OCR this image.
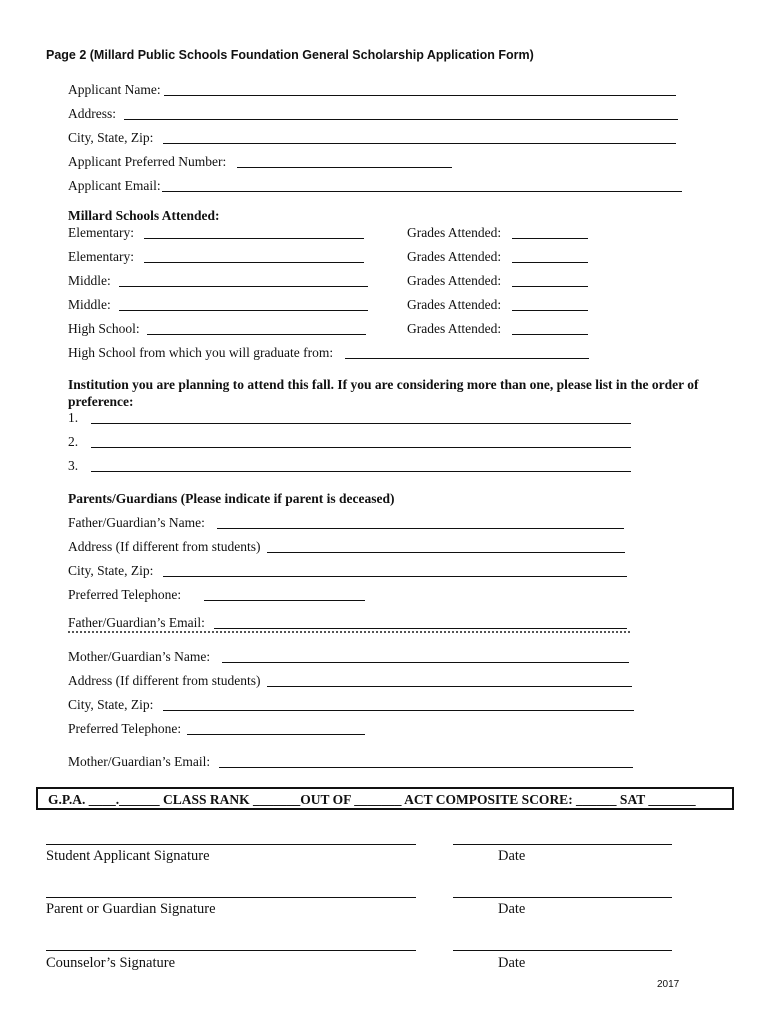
Page 2 (Millard Public Schools Foundation General Scholarship Application Form)
Applicant Name:
Address:
City, State, Zip:
Applicant Preferred Number:
Applicant Email:
Millard Schools Attended:
Elementary:	Grades Attended:
Elementary:	Grades Attended:
Middle:	Grades Attended:
Middle:	Grades Attended:
High School:	Grades Attended:
High School from which you will graduate from:
Institution you are planning to attend this fall. If you are considering more than one, please list in the order of
preference:
1.
2.
3.
Parents/Guardians (Please indicate if parent is deceased)
Father/Guardian’s Name:
Address (If different from students)
City, State, Zip:
Preferred Telephone:
Father/Guardian’s Email:
Mother/Guardian’s Name:
Address (If different from students)
City, State, Zip:
Preferred Telephone:
Mother/Guardian’s Email:
G.P.A. ____.______ CLASS RANK _______OUT OF _______ ACT COMPOSITE SCORE: ______ SAT _______
Student Applicant Signature	Date
Parent or Guardian Signature	Date
Counselor’s Signature	Date
2017
